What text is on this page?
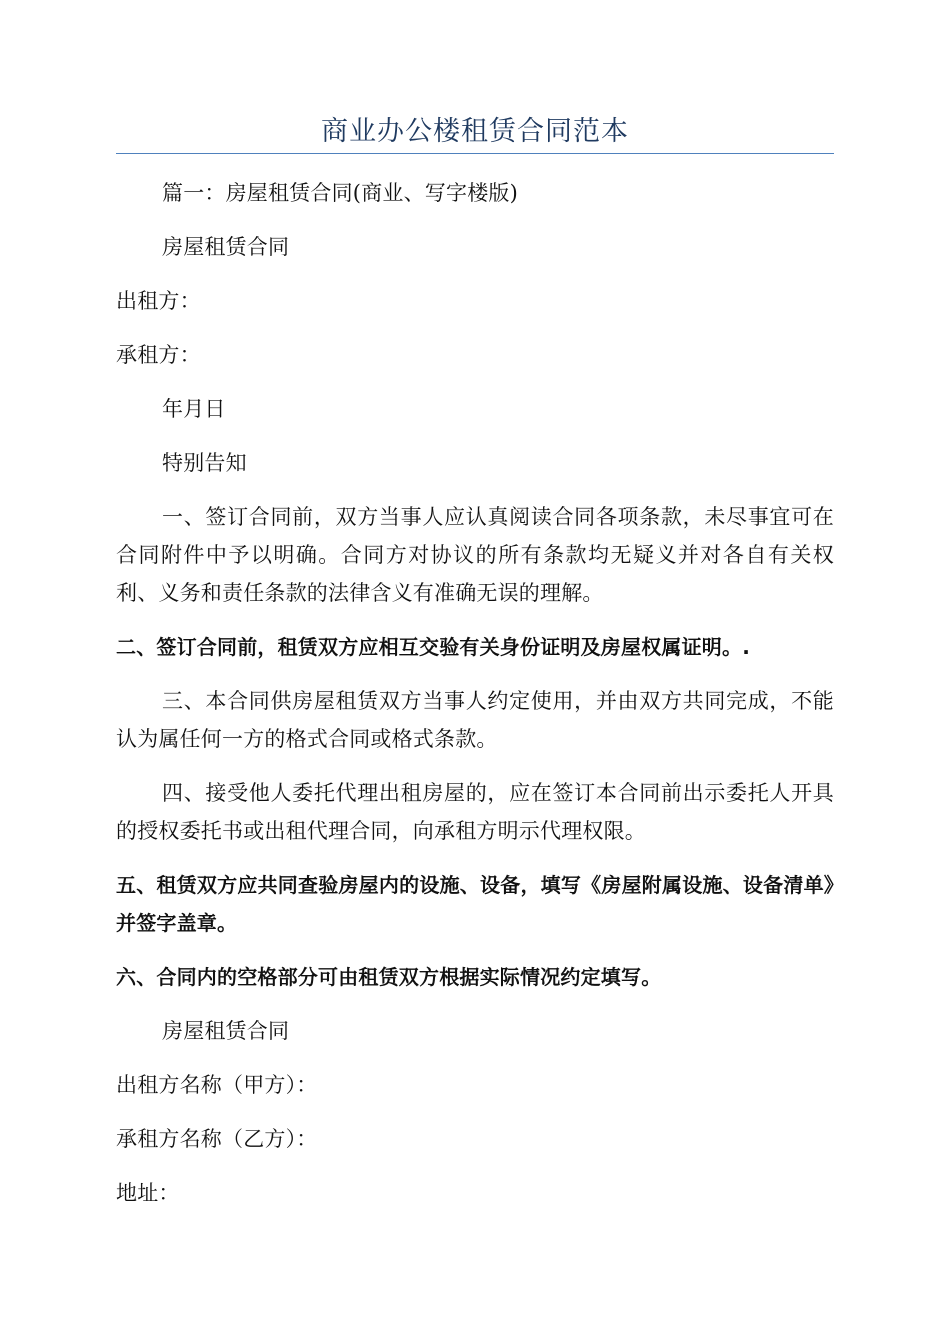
商业办公楼租赁合同范本

篇一：房屋租赁合同(商业、写字楼版)

房屋租赁合同

出租方：

承租方：

年月日

特别告知

一、签订合同前，双方当事人应认真阅读合同各项条款，未尽事宜可在合同附件中予以明确。合同方对协议的所有条款均无疑义并对各自有关权利、义务和责任条款的法律含义有准确无误的理解。

二、签订合同前，租赁双方应相互交验有关身份证明及房屋权属证明。.

三、本合同供房屋租赁双方当事人约定使用，并由双方共同完成，不能认为属任何一方的格式合同或格式条款。

四、接受他人委托代理出租房屋的，应在签订本合同前出示委托人开具的授权委托书或出租代理合同，向承租方明示代理权限。

五、租赁双方应共同查验房屋内的设施、设备，填写《房屋附属设施、设备清单》并签字盖章。

六、合同内的空格部分可由租赁双方根据实际情况约定填写。

房屋租赁合同

出租方名称（甲方）：

承租方名称（乙方）：

地址：
